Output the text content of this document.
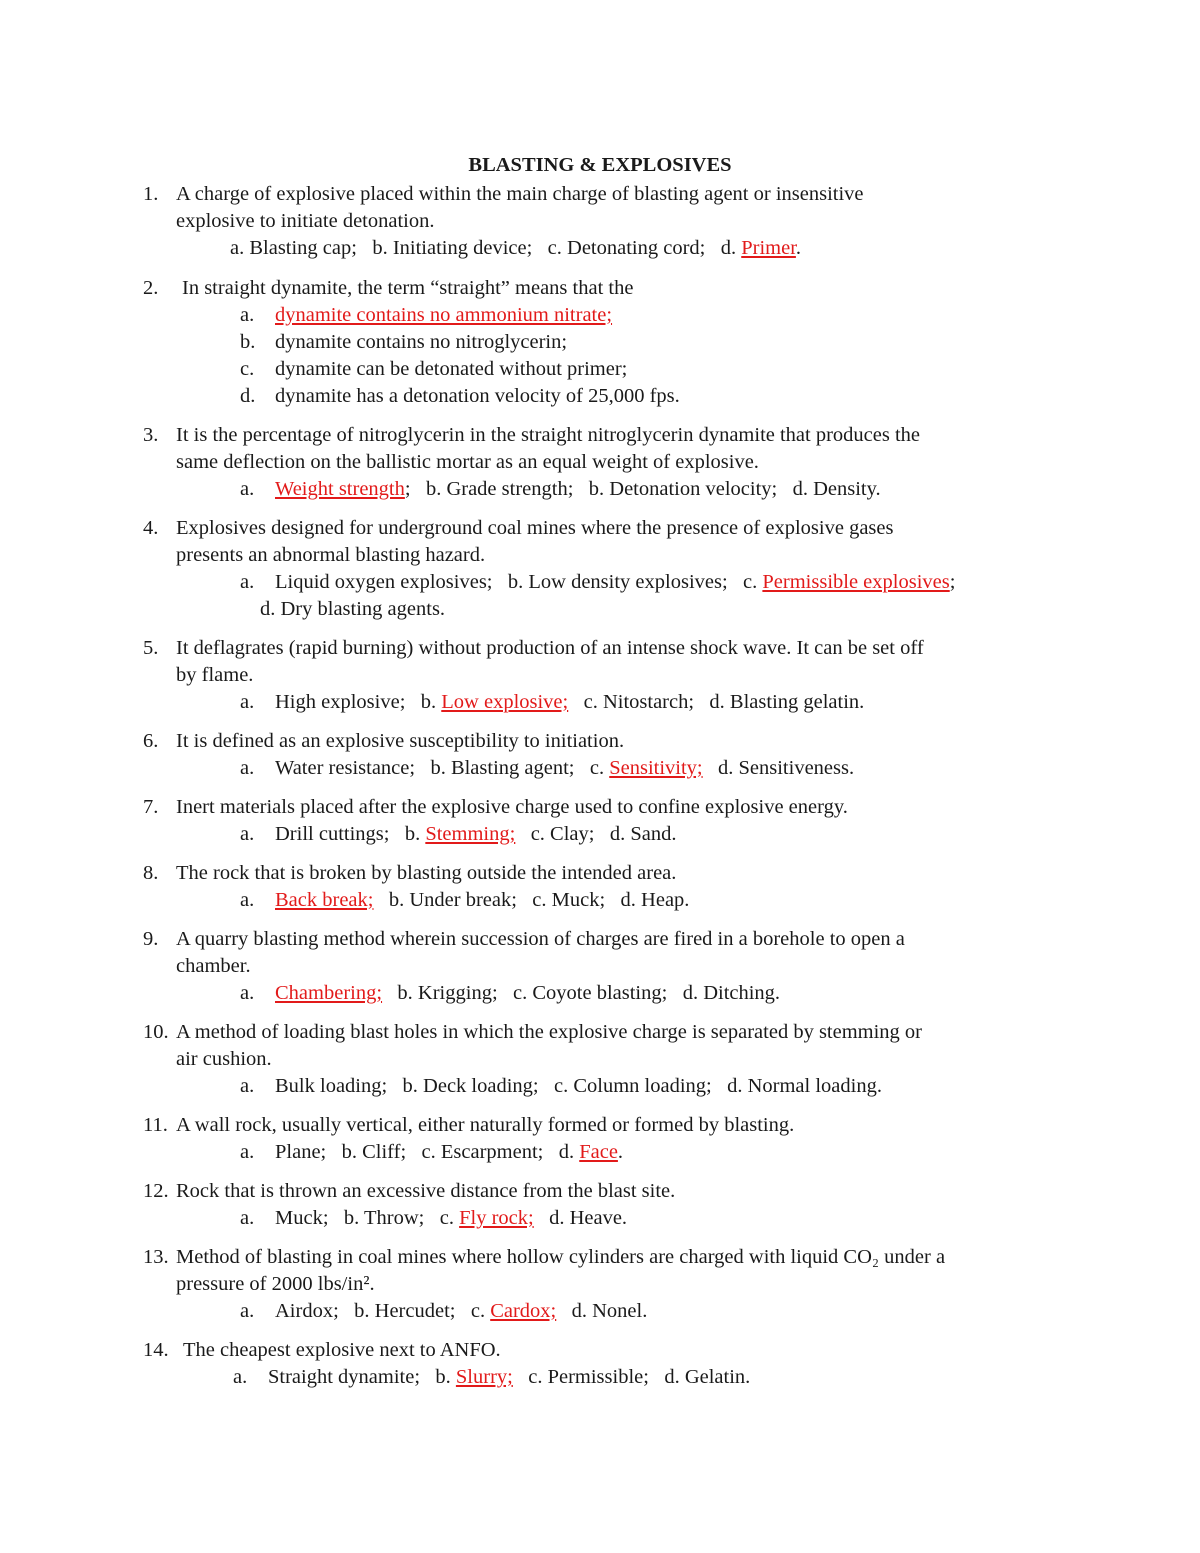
BLASTING & EXPLOSIVES
1. A charge of explosive placed within the main charge of blasting agent or insensitive
explosive to initiate detonation.
a. Blasting cap;   b. Initiating device;   c. Detonating cord;   d. Primer.
2. In straight dynamite, the term “straight” means that the
a. dynamite contains no ammonium nitrate;
b. dynamite contains no nitroglycerin;
c. dynamite can be detonated without primer;
d. dynamite has a detonation velocity of 25,000 fps.
3. It is the percentage of nitroglycerin in the straight nitroglycerin dynamite that produces the
same deflection on the ballistic mortar as an equal weight of explosive.
a. Weight strength;   b. Grade strength;   b. Detonation velocity;   d. Density.
4. Explosives designed for underground coal mines where the presence of explosive gases
presents an abnormal blasting hazard.
a. Liquid oxygen explosives;   b. Low density explosives;   c. Permissible explosives;
d. Dry blasting agents.
5. It deflagrates (rapid burning) without production of an intense shock wave. It can be set off
by flame.
a. High explosive;   b. Low explosive;   c. Nitostarch;   d. Blasting gelatin.
6. It is defined as an explosive susceptibility to initiation.
a. Water resistance;   b. Blasting agent;   c. Sensitivity;   d. Sensitiveness.
7. Inert materials placed after the explosive charge used to confine explosive energy.
a. Drill cuttings;   b. Stemming;   c. Clay;   d. Sand.
8. The rock that is broken by blasting outside the intended area.
a. Back break;   b. Under break;   c. Muck;   d. Heap.
9. A quarry blasting method wherein succession of charges are fired in a borehole to open a
chamber.
a. Chambering;   b. Krigging;   c. Coyote blasting;   d. Ditching.
10. A method of loading blast holes in which the explosive charge is separated by stemming or
air cushion.
a. Bulk loading;   b. Deck loading;   c. Column loading;   d. Normal loading.
11. A wall rock, usually vertical, either naturally formed or formed by blasting.
a. Plane;   b. Cliff;   c. Escarpment;   d. Face.
12. Rock that is thrown an excessive distance from the blast site.
a. Muck;   b. Throw;   c. Fly rock;   d. Heave.
13. Method of blasting in coal mines where hollow cylinders are charged with liquid CO₂ under a
pressure of 2000 lbs/in².
a. Airdox;   b. Hercudet;   c. Cardox;   d. Nonel.
14. The cheapest explosive next to ANFO.
a. Straight dynamite;   b. Slurry;   c. Permissible;   d. Gelatin.
